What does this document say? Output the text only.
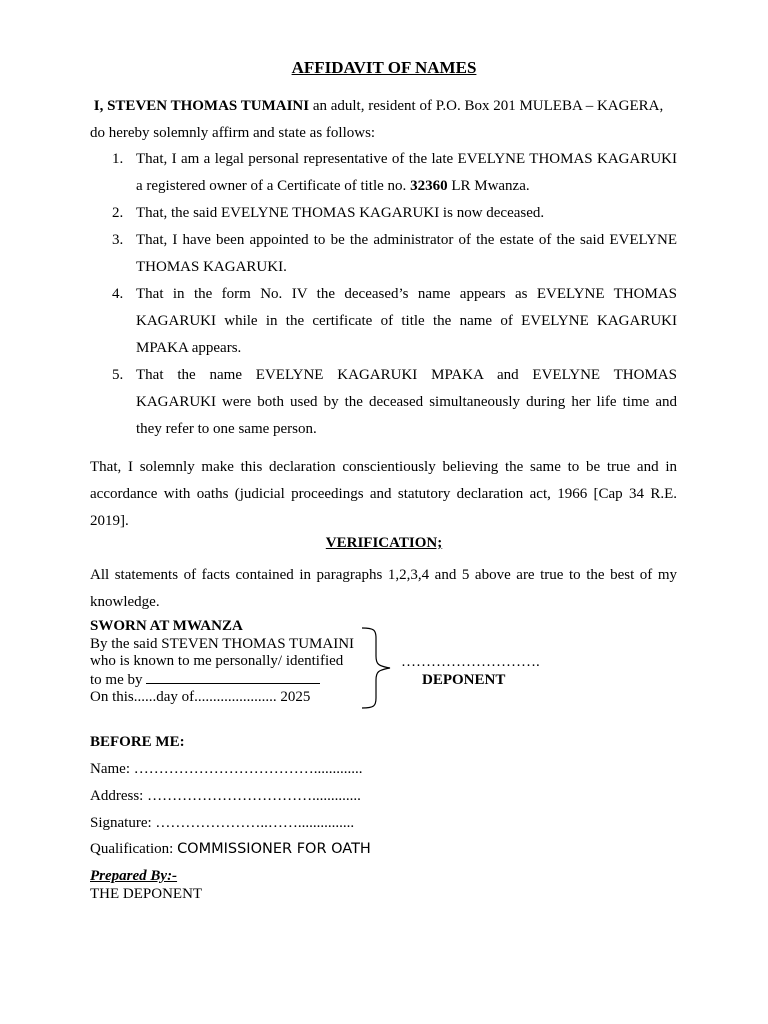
AFFIDAVIT OF NAMES
I, STEVEN THOMAS TUMAINI an adult, resident of P.O. Box 201 MULEBA – KAGERA,
do hereby solemnly affirm and state as follows:
1. That, I am a legal personal representative of the late EVELYNE THOMAS KAGARUKI a registered owner of a Certificate of title no. 32360 LR Mwanza.
2. That, the said EVELYNE THOMAS KAGARUKI is now deceased.
3. That, I have been appointed to be the administrator of the estate of the said EVELYNE THOMAS KAGARUKI.
4. That in the form No. IV the deceased’s name appears as EVELYNE THOMAS KAGARUKI while in the certificate of title the name of EVELYNE KAGARUKI MPAKA appears.
5. That the name EVELYNE KAGARUKI MPAKA and EVELYNE THOMAS KAGARUKI were both used by the deceased simultaneously during her life time and they refer to one same person.
That, I solemnly make this declaration conscientiously believing the same to be true and in accordance with oaths (judicial proceedings and statutory declaration act, 1966 [Cap 34 R.E. 2019].
VERIFICATION;
All statements of facts contained in paragraphs 1,2,3,4 and 5 above are true to the best of my knowledge.
SWORN AT MWANZA
By the said STEVEN THOMAS TUMAINI
who is known to me personally/ identified
to me by
On this......day of...................... 2025
……………………….
DEPONENT
BEFORE ME:
Name: ……………………………….............
Address: …………………………….............
Signature: …………………..……...............
Qualification: COMMISSIONER FOR OATH
Prepared By:-
THE DEPONENT
